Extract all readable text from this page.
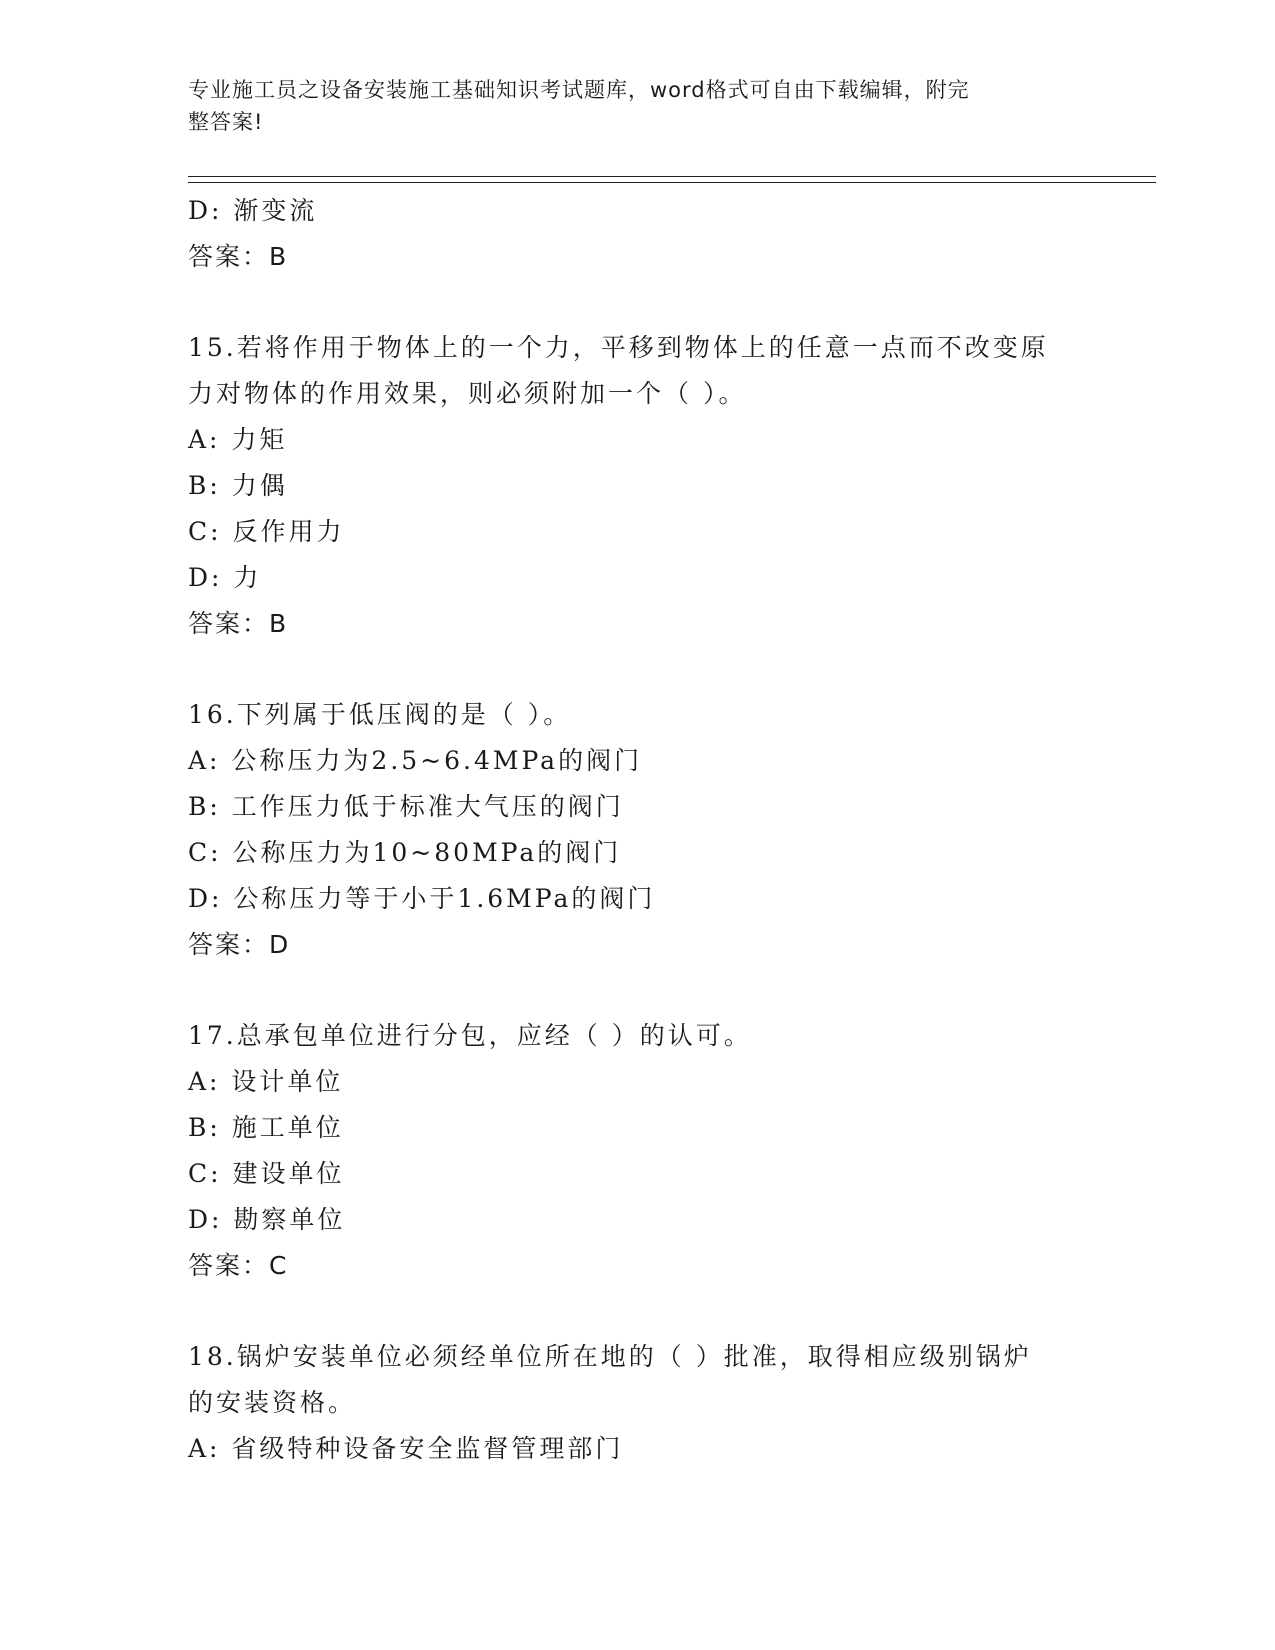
专业施工员之设备安装施工基础知识考试题库，word格式可自由下载编辑，附完
整答案!
D: 渐变流
答案：B
15.若将作用于物体上的一个力，平移到物体上的任意一点而不改变原
力对物体的作用效果，则必须附加一个（ ）。
A: 力矩
B: 力偶
C: 反作用力
D: 力
答案：B
16.下列属于低压阀的是（ ）。
A: 公称压力为2.5~6.4MPa的阀门
B: 工作压力低于标准大气压的阀门
C: 公称压力为10~80MPa的阀门
D: 公称压力等于小于1.6MPa的阀门
答案：D
17.总承包单位进行分包，应经（ ）的认可。
A: 设计单位
B: 施工单位
C: 建设单位
D: 勘察单位
答案：C
18.锅炉安装单位必须经单位所在地的（ ）批准，取得相应级别锅炉
的安装资格。
A: 省级特种设备安全监督管理部门
